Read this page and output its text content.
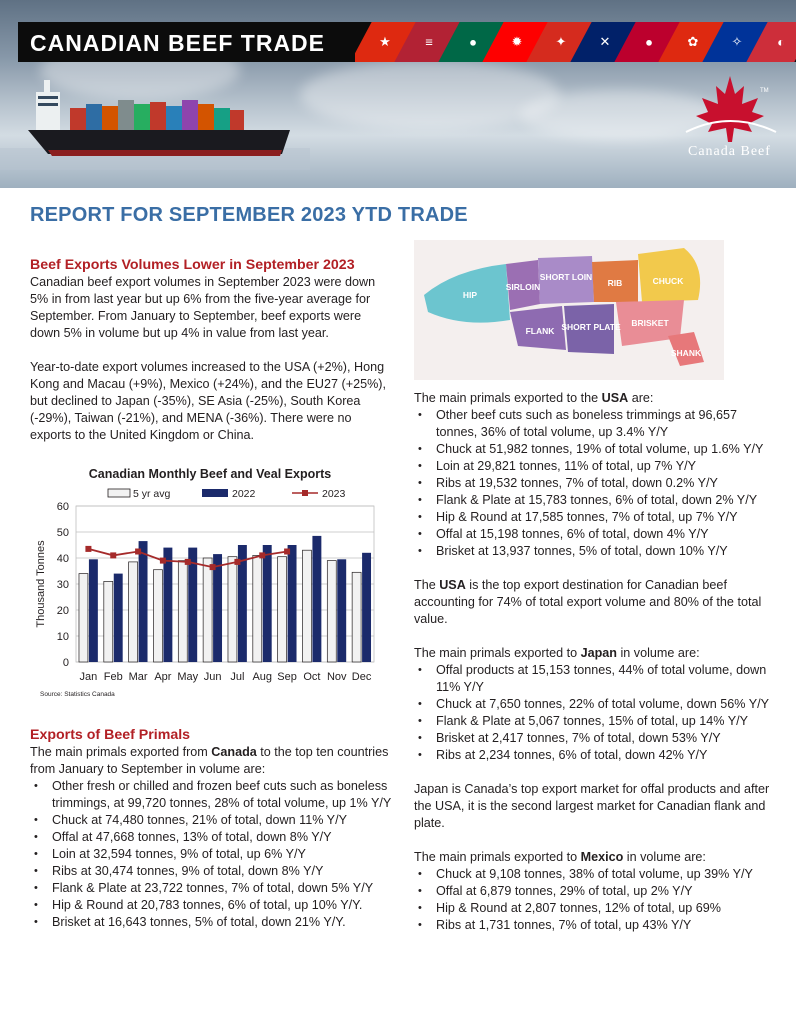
TM
Canada Beef
CANADIAN BEEF TRADE	★	≡	●	✹	✦	✕	●	✿	✧	◐
REPORT FOR SEPTEMBER 2023 YTD TRADE
Beef Exports Volumes Lower in September 2023

Canadian beef export volumes in September 2023 were down 5% in from last year but up 6% from the five-year average for September. From January to September, beef exports were down 5% in volume but up 4% in value from last year.

Year-to-date export volumes increased to the USA (+2%), Hong Kong and Macau (+9%), Mexico (+24%), and the EU27 (+25%), but declined to Japan (-35%), SE Asia (-25%), South Korea (-29%), Taiwan (-21%), and MENA (-36%). There were no exports to the United Kingdom or China.

Canadian Monthly Beef and Veal Exports
5 yr avg	2022	2023
0
10
20
30
40
50
60
Thousand Tonnes
Jan Feb Mar Apr May Jun Jul Aug Sep Oct Nov Dec
Source: Statistics Canada
Exports of Beef Primals

The main primals exported from Canada to the top ten countries from January to September in volume are:

• Other fresh or chilled and frozen beef cuts such as boneless trimmings, at 99,720 tonnes, 28% of total volume, up 1% Y/Y
• Chuck at 74,480 tonnes, 21% of total, down 11% Y/Y
• Offal at 47,668 tonnes, 13% of total, down 8% Y/Y
• Loin at 32,594 tonnes, 9% of total, up 6% Y/Y
• Ribs at 30,474 tonnes, 9% of total, down 8% Y/Y
• Flank & Plate at 23,722 tonnes, 7% of total, down 5% Y/Y
• Hip & Round at 20,783 tonnes, 6% of total, up 10% Y/Y.
• Brisket at 16,643 tonnes, 5% of total, down 21% Y/Y.
HIP
SIRLOIN
SHORT LOIN
RIB	CHUCK
FLANK SHORT PLATE BRISKET
SHANK

The main primals exported to the USA are:

• Other beef cuts such as boneless trimmings at 96,657 tonnes, 36% of total volume, up 3.4% Y/Y
• Chuck at 51,982 tonnes, 19% of total volume, up 1.6% Y/Y
• Loin at 29,821 tonnes, 11% of total, up 7% Y/Y
• Ribs at 19,532 tonnes, 7% of total, down 0.2% Y/Y
• Flank & Plate at 15,783 tonnes, 6% of total, down 2% Y/Y
• Hip & Round at 17,585 tonnes, 7% of total, up 7% Y/Y
• Offal at 15,198 tonnes, 6% of total, down 4% Y/Y
• Brisket at 13,937 tonnes, 5% of total, down 10% Y/Y

The USA is the top export destination for Canadian beef accounting for 74% of total export volume and 80% of the total value.

The main primals exported to Japan in volume are:

• Offal products at 15,153 tonnes, 44% of total volume, down 11% Y/Y
• Chuck at 7,650 tonnes, 22% of total volume, down 56% Y/Y
• Flank & Plate at 5,067 tonnes, 15% of total, up 14% Y/Y
• Brisket at 2,417 tonnes, 7% of total, down 53% Y/Y
• Ribs at 2,234 tonnes, 6% of total, down 42% Y/Y

Japan is Canada’s top export market for offal products and after the USA, it is the second largest market for Canadian flank and plate.

The main primals exported to Mexico in volume are:

• Chuck at 9,108 tonnes, 38% of total volume, up 39% Y/Y
• Offal at 6,879 tonnes, 29% of total, up 2% Y/Y
• Hip & Round at 2,807 tonnes, 12% of total, up 69%
• Ribs at 1,731 tonnes, 7% of total, up 43% Y/Y
